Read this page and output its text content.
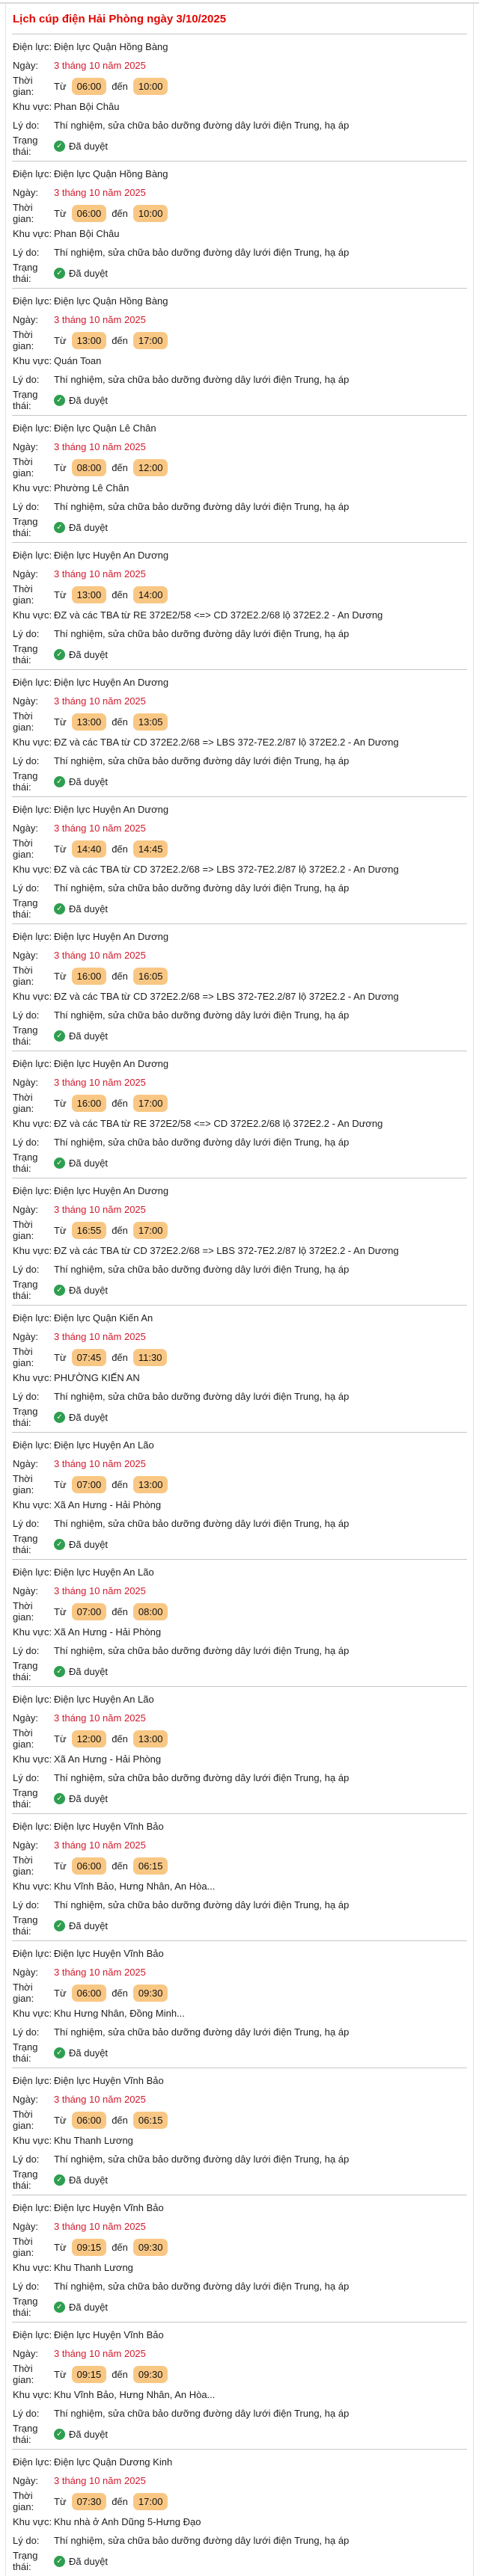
Lịch cúp điện Hải Phòng ngày 3/10/2025
Điện lực: Điện lực Quận Hồng Bàng
Ngày:	3 tháng 10 năm 2025
Thời gian:	Từ	06:00	đến	10:00
Khu vực: Phan Bội Châu
Lý do:	Thí nghiệm, sửa chữa bảo dưỡng đường dây lưới điện Trung, hạ áp
Trạng thái: ✓	Đã duyệt
Điện lực: Điện lực Quận Hồng Bàng
Ngày:	3 tháng 10 năm 2025
Thời gian:	Từ	06:00	đến	10:00
Khu vực: Phan Bội Châu
Lý do:	Thí nghiệm, sửa chữa bảo dưỡng đường dây lưới điện Trung, hạ áp
Trạng thái: ✓	Đã duyệt
Điện lực: Điện lực Quận Hồng Bàng
Ngày:	3 tháng 10 năm 2025
Thời gian:	Từ	13:00	đến	17:00
Khu vực: Quán Toan
Lý do:	Thí nghiệm, sửa chữa bảo dưỡng đường dây lưới điện Trung, hạ áp
Trạng thái: ✓	Đã duyệt
Điện lực: Điện lực Quận Lê Chân
Ngày:	3 tháng 10 năm 2025
Thời gian:	Từ	08:00	đến	12:00
Khu vực: Phường Lê Chân
Lý do:	Thí nghiệm, sửa chữa bảo dưỡng đường dây lưới điện Trung, hạ áp
Trạng thái: ✓	Đã duyệt
Điện lực: Điện lực Huyện An Dương
Ngày:	3 tháng 10 năm 2025
Thời gian:	Từ	13:00	đến	14:00
Khu vực: ĐZ và các TBA từ RE 372E2/58 <=> CD 372E2.2/68 lộ 372E2.2 - An Dương
Lý do:	Thí nghiệm, sửa chữa bảo dưỡng đường dây lưới điện Trung, hạ áp
Trạng thái: ✓	Đã duyệt
Điện lực: Điện lực Huyện An Dương
Ngày:	3 tháng 10 năm 2025
Thời gian:	Từ	13:00	đến	13:05
Khu vực: ĐZ và các TBA từ CD 372E2.2/68 => LBS 372-7E2.2/87 lộ 372E2.2 - An Dương
Lý do:	Thí nghiệm, sửa chữa bảo dưỡng đường dây lưới điện Trung, hạ áp
Trạng thái: ✓	Đã duyệt
Điện lực: Điện lực Huyện An Dương
Ngày:	3 tháng 10 năm 2025
Thời gian:	Từ	14:40	đến	14:45
Khu vực: ĐZ và các TBA từ CD 372E2.2/68 => LBS 372-7E2.2/87 lộ 372E2.2 - An Dương
Lý do:	Thí nghiệm, sửa chữa bảo dưỡng đường dây lưới điện Trung, hạ áp
Trạng thái: ✓	Đã duyệt
Điện lực: Điện lực Huyện An Dương
Ngày:	3 tháng 10 năm 2025
Thời gian:	Từ	16:00	đến	16:05
Khu vực: ĐZ và các TBA từ CD 372E2.2/68 => LBS 372-7E2.2/87 lộ 372E2.2 - An Dương
Lý do:	Thí nghiệm, sửa chữa bảo dưỡng đường dây lưới điện Trung, hạ áp
Trạng thái: ✓	Đã duyệt
Điện lực: Điện lực Huyện An Dương
Ngày:	3 tháng 10 năm 2025
Thời gian:	Từ	16:00	đến	17:00
Khu vực: ĐZ và các TBA từ RE 372E2/58 <=> CD 372E2.2/68 lộ 372E2.2 - An Dương
Lý do:	Thí nghiệm, sửa chữa bảo dưỡng đường dây lưới điện Trung, hạ áp
Trạng thái: ✓	Đã duyệt
Điện lực: Điện lực Huyện An Dương
Ngày:	3 tháng 10 năm 2025
Thời gian:	Từ	16:55	đến	17:00
Khu vực: ĐZ và các TBA từ CD 372E2.2/68 => LBS 372-7E2.2/87 lộ 372E2.2 - An Dương
Lý do:	Thí nghiệm, sửa chữa bảo dưỡng đường dây lưới điện Trung, hạ áp
Trạng thái: ✓	Đã duyệt
Điện lực: Điện lực Quận Kiến An
Ngày:	3 tháng 10 năm 2025
Thời gian:	Từ	07:45	đến	11:30
Khu vực: PHƯỜNG KIẾN AN
Lý do:	Thí nghiệm, sửa chữa bảo dưỡng đường dây lưới điện Trung, hạ áp
Trạng thái: ✓	Đã duyệt
Điện lực: Điện lực Huyện An Lão
Ngày:	3 tháng 10 năm 2025
Thời gian:	Từ	07:00	đến	13:00
Khu vực: Xã An Hưng - Hải Phòng
Lý do:	Thí nghiệm, sửa chữa bảo dưỡng đường dây lưới điện Trung, hạ áp
Trạng thái: ✓	Đã duyệt
Điện lực: Điện lực Huyện An Lão
Ngày:	3 tháng 10 năm 2025
Thời gian:	Từ	07:00	đến	08:00
Khu vực: Xã An Hưng - Hải Phòng
Lý do:	Thí nghiệm, sửa chữa bảo dưỡng đường dây lưới điện Trung, hạ áp
Trạng thái: ✓	Đã duyệt
Điện lực: Điện lực Huyện An Lão
Ngày:	3 tháng 10 năm 2025
Thời gian:	Từ	12:00	đến	13:00
Khu vực: Xã An Hưng - Hải Phòng
Lý do:	Thí nghiệm, sửa chữa bảo dưỡng đường dây lưới điện Trung, hạ áp
Trạng thái: ✓	Đã duyệt
Điện lực: Điện lực Huyện Vĩnh Bảo
Ngày:	3 tháng 10 năm 2025
Thời gian:	Từ	06:00	đến	06:15
Khu vực: Khu Vĩnh Bảo, Hưng Nhân, An Hòa...
Lý do:	Thí nghiệm, sửa chữa bảo dưỡng đường dây lưới điện Trung, hạ áp
Trạng thái: ✓	Đã duyệt
Điện lực: Điện lực Huyện Vĩnh Bảo
Ngày:	3 tháng 10 năm 2025
Thời gian:	Từ	06:00	đến	09:30
Khu vực: Khu Hưng Nhân, Đồng Minh...
Lý do:	Thí nghiệm, sửa chữa bảo dưỡng đường dây lưới điện Trung, hạ áp
Trạng thái: ✓	Đã duyệt
Điện lực: Điện lực Huyện Vĩnh Bảo
Ngày:	3 tháng 10 năm 2025
Thời gian:	Từ	06:00	đến	06:15
Khu vực: Khu Thanh Lương
Lý do:	Thí nghiệm, sửa chữa bảo dưỡng đường dây lưới điện Trung, hạ áp
Trạng thái: ✓	Đã duyệt
Điện lực: Điện lực Huyện Vĩnh Bảo
Ngày:	3 tháng 10 năm 2025
Thời gian:	Từ	09:15	đến	09:30
Khu vực: Khu Thanh Lương
Lý do:	Thí nghiệm, sửa chữa bảo dưỡng đường dây lưới điện Trung, hạ áp
Trạng thái: ✓	Đã duyệt
Điện lực: Điện lực Huyện Vĩnh Bảo
Ngày:	3 tháng 10 năm 2025
Thời gian:	Từ	09:15	đến	09:30
Khu vực: Khu Vĩnh Bảo, Hưng Nhân, An Hòa...
Lý do:	Thí nghiệm, sửa chữa bảo dưỡng đường dây lưới điện Trung, hạ áp
Trạng thái: ✓	Đã duyệt
Điện lực: Điện lực Quận Dương Kinh
Ngày:	3 tháng 10 năm 2025
Thời gian:	Từ	07:30	đến	17:00
Khu vực: Khu nhà ở Anh Dũng 5-Hưng Đạo
Lý do:	Thí nghiệm, sửa chữa bảo dưỡng đường dây lưới điện Trung, hạ áp
Trạng thái: ✓	Đã duyệt
